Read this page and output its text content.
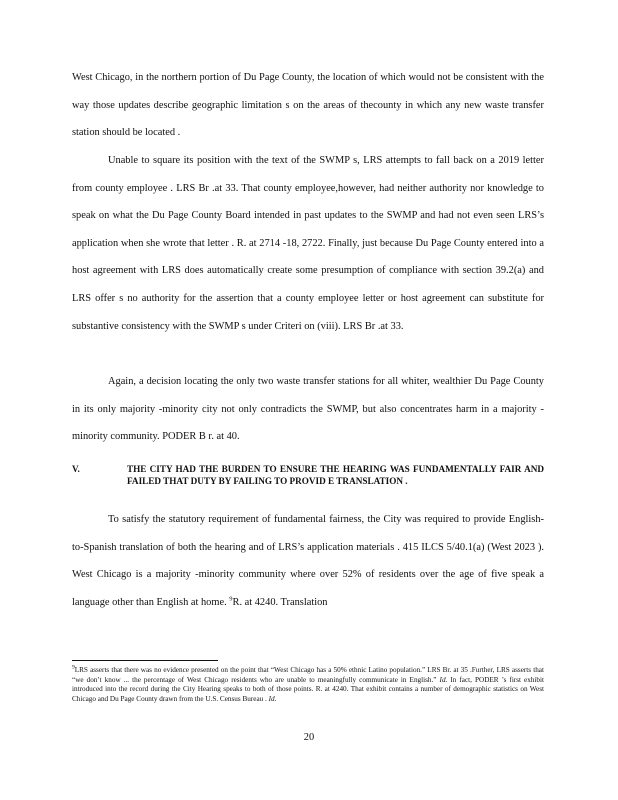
West Chicago, in the northern portion of Du Page County, the location of which would not be consistent with the way those updates describe geographic limitation s on the areas of thecounty in which any new waste transfer station should be located .

Unable to square its position with the text of the SWMP s, LRS attempts to fall back on a 2019 letter from county employee . LRS Br .at 33. That county employee,however, had neither authority nor knowledge to speak on what the Du Page County Board intended in past updates to the SWMP and had not even seen LRS’s application when she wrote that letter . R. at 2714 -18, 2722. Finally, just because Du Page County entered into a host agreement with LRS does automatically create some presumption of compliance with section 39.2(a) and LRS offer s no authority for the assertion that a county employee letter or host agreement can substitute for substantive consistency with the SWMP s under Criteri on (viii). LRS Br .at 33.

Again, a decision locating the only two waste transfer stations for all whiter, wealthier Du Page County in its only majority -minority city not only contradicts the SWMP, but also concentrates harm in a majority -minority community. PODER B r. at 40.

V.	THE CITY HAD THE BURDEN TO ENSURE THE HEARING WAS FUNDAMENTALLY FAIR AND FAILED THAT DUTY BY FAILING TO PROVID E TRANSLATION .

To satisfy the statutory requirement of fundamental fairness, the City was required to provide English- to-Spanish translation of both the hearing and of LRS’s application materials . 415 ILCS 5/40.1(a) (West 2023 ). West Chicago is a majority -minority community where over 52% of residents over the age of five speak a language other than English at home. $^9$R. at 4240. Translation

$^9$LRS asserts that there was no evidence presented on the point that “West Chicago has a 50% ethnic Latino population.” LRS Br. at 35 .Further, LRS asserts that “we don’t know ... the percentage of West Chicago residents who are unable to meaningfully communicate in English.” Id. In fact, PODER ’s first exhibit introduced into the record during the City Hearing speaks to both of those points. R. at 4240. That exhibit contains a number of demographic statistics on West Chicago and Du Page County drawn from the U.S. Census Bureau . Id.

20
